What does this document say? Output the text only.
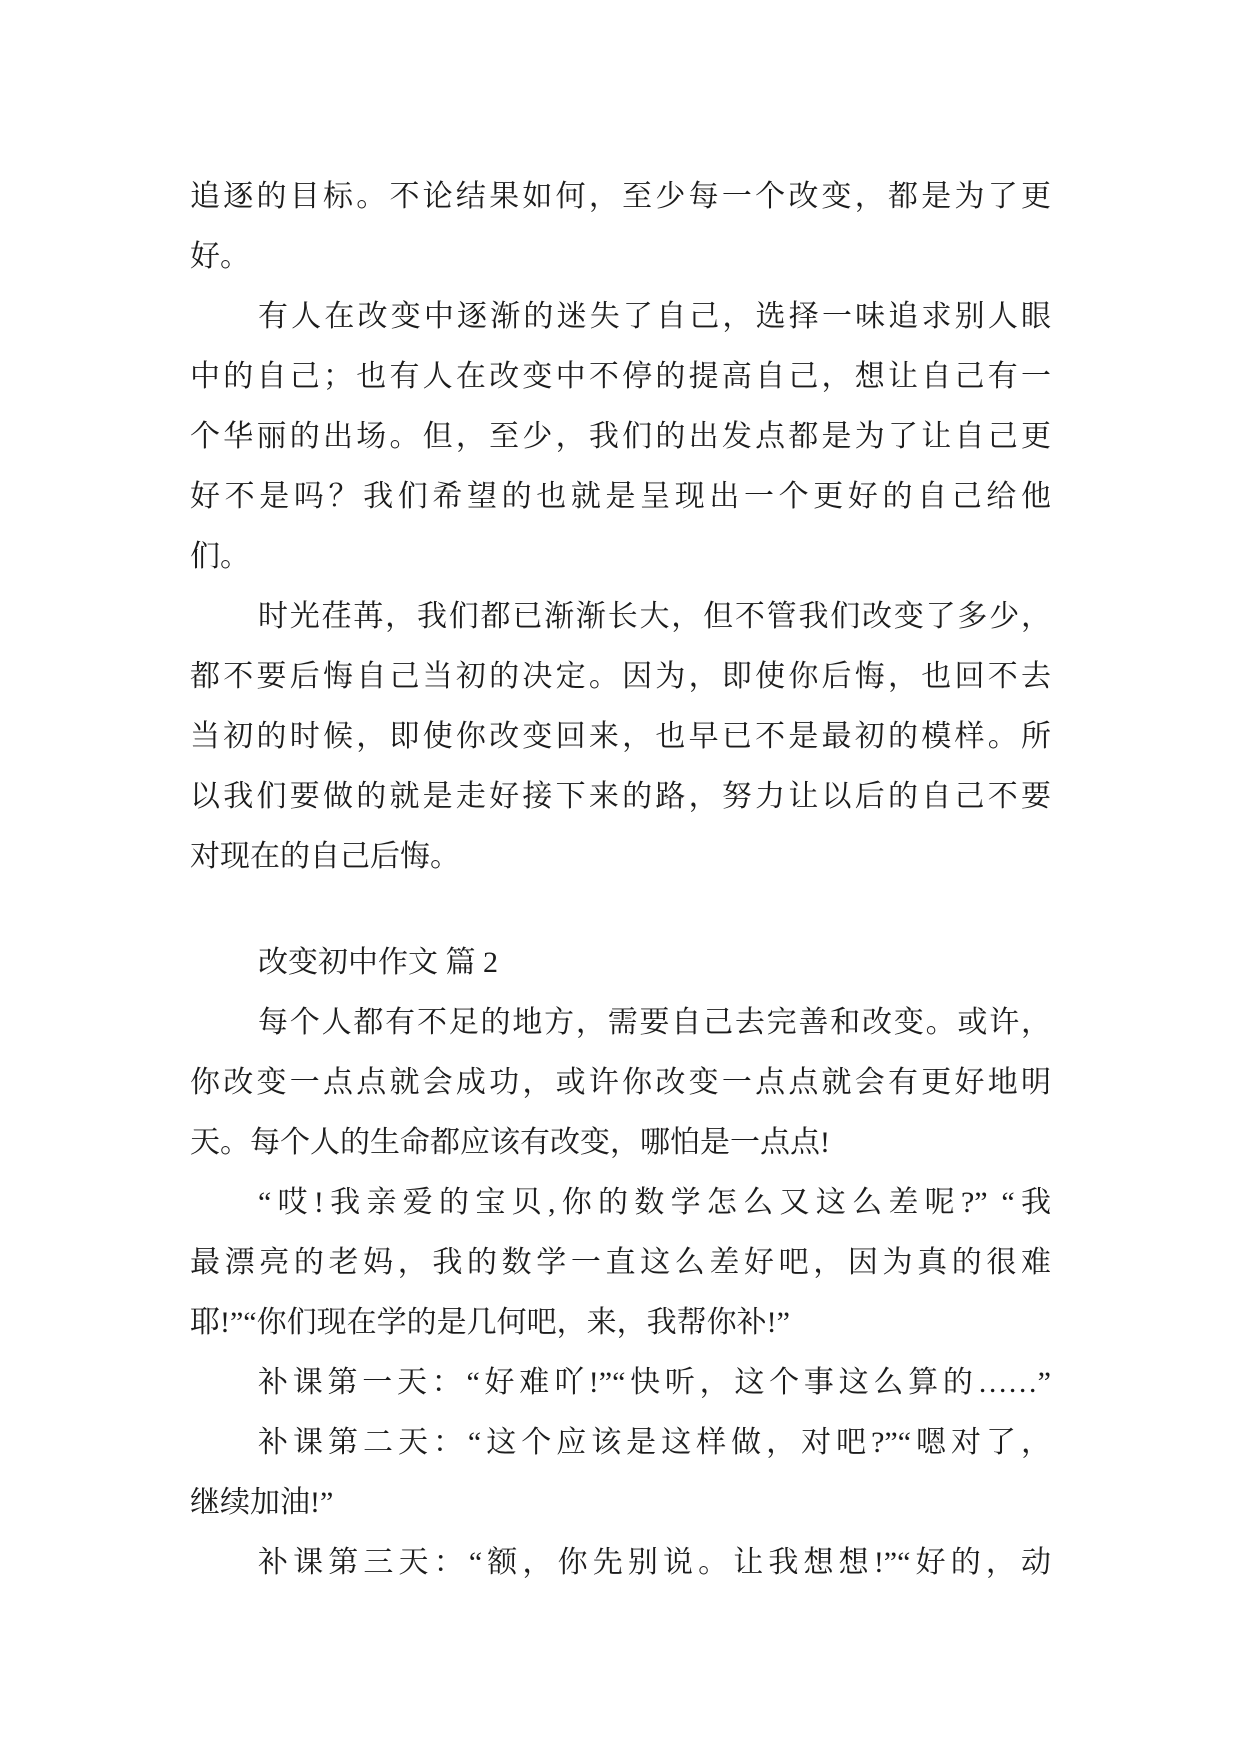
追逐的目标。不论结果如何，至少每一个改变，都是为了更
好。
有人在改变中逐渐的迷失了自己，选择一味追求别人眼
中的自己；也有人在改变中不停的提高自己，想让自己有一
个华丽的出场。但，至少，我们的出发点都是为了让自己更
好不是吗？我们希望的也就是呈现出一个更好的自己给他
们。
时光荏苒，我们都已渐渐长大，但不管我们改变了多少，
都不要后悔自己当初的决定。因为，即使你后悔，也回不去
当初的时候，即使你改变回来，也早已不是最初的模样。所
以我们要做的就是走好接下来的路，努力让以后的自己不要
对现在的自己后悔。
改变初中作文 篇 2
每个人都有不足的地方，需要自己去完善和改变。或许，
你改变一点点就会成功，或许你改变一点点就会有更好地明
天。每个人的生命都应该有改变，哪怕是一点点!
“哎!我亲爱的宝贝,你的数学怎么又这么差呢?” “我
最漂亮的老妈，我的数学一直这么差好吧，因为真的很难
耶!”“你们现在学的是几何吧，来，我帮你补!”
补课第一天：“好难吖!”“快听，这个事这么算的……”
补课第二天：“这个应该是这样做，对吧?”“嗯对了，
继续加油!”
补课第三天：“额，你先别说。让我想想!”“好的，动
